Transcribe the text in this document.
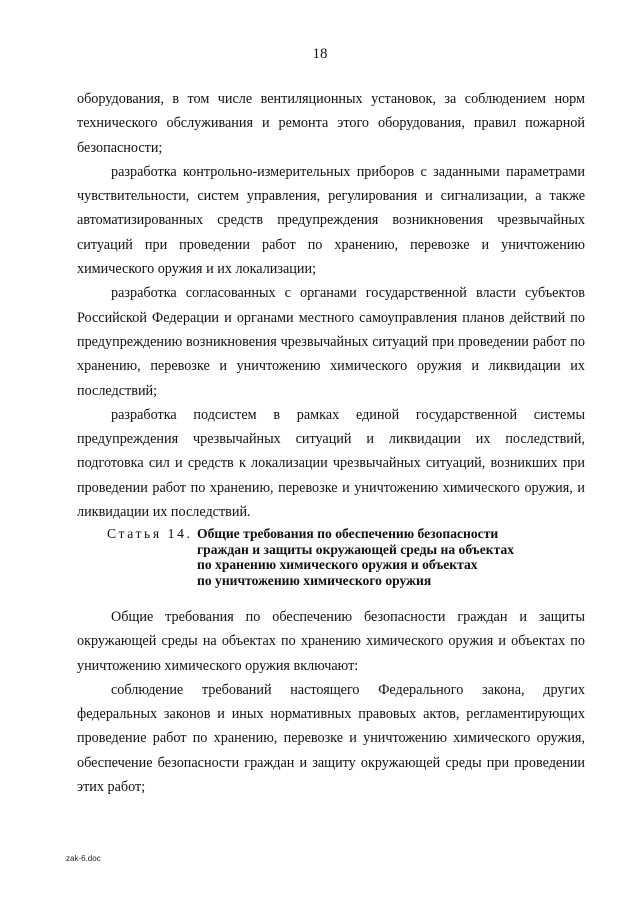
18

оборудования, в том числе вентиляционных установок, за соблюдением норм технического обслуживания и ремонта этого оборудования, правил пожарной безопасности;

разработка контрольно-измерительных приборов с заданными параметрами чувствительности, систем управления, регулирования и сигнализации, а также автоматизированных средств предупреждения возникновения чрезвычайных ситуаций при проведении работ по хранению, перевозке и уничтожению химического оружия и их локализации;

разработка согласованных с органами государственной власти субъектов Российской Федерации и органами местного самоуправления планов действий по предупреждению возникновения чрезвычайных ситуаций при проведении работ по хранению, перевозке и уничтожению химического оружия и ликвидации их последствий;

разработка подсистем в рамках единой государственной системы предупреждения чрезвычайных ситуаций и ликвидации их последствий, подготовка сил и средств к локализации чрезвычайных ситуаций, возникших при проведении работ по хранению, перевозке и уничтожению химического оружия, и ликвидации их последствий.

Статья 14. Общие требования по обеспечению безопасности
граждан и защиты окружающей среды на объектах
по хранению химического оружия и объектах
по уничтожению химического оружия

Общие требования по обеспечению безопасности граждан и защиты окружающей среды на объектах по хранению химического оружия и объектах по уничтожению химического оружия включают:

соблюдение требований настоящего Федерального закона, других федеральных законов и иных нормативных правовых актов, регламентирующих проведение работ по хранению, перевозке и уничтожению химического оружия, обеспечение безопасности граждан и защиту окружающей среды при проведении этих работ;

zak-6.doc
